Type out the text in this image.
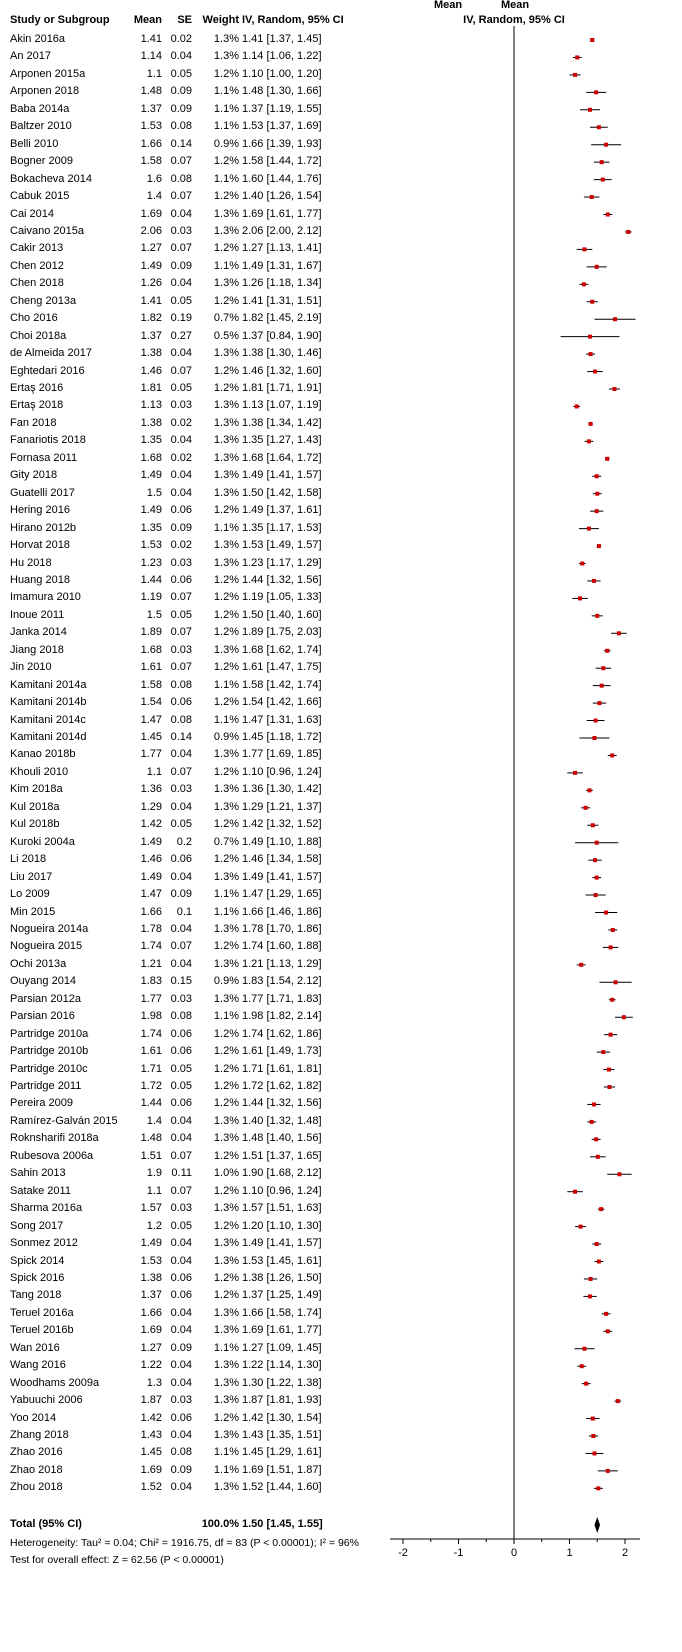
Mean	Mean
Study or Subgroup	Mean	SE Weight IV, Random, 95% CI	IV, Random, 95% CI
Akin 2016a	1.41 0.02	1.3% 1.41 [1.37, 1.45]
An 2017	1.14 0.04	1.3% 1.14 [1.06, 1.22]
Arponen 2015a	1.1 0.05	1.2% 1.10 [1.00, 1.20]
Arponen 2018	1.48 0.09	1.1% 1.48 [1.30, 1.66]
Baba 2014a	1.37 0.09	1.1% 1.37 [1.19, 1.55]
Baltzer 2010	1.53 0.08	1.1% 1.53 [1.37, 1.69]
Belli 2010	1.66 0.14	0.9% 1.66 [1.39, 1.93]
Bogner 2009	1.58 0.07	1.2% 1.58 [1.44, 1.72]
Bokacheva 2014	1.6 0.08	1.1% 1.60 [1.44, 1.76]
Cabuk 2015	1.4 0.07	1.2% 1.40 [1.26, 1.54]
Cai 2014	1.69 0.04	1.3% 1.69 [1.61, 1.77]
Caivano 2015a	2.06 0.03	1.3% 2.06 [2.00, 2.12]
Cakir 2013	1.27 0.07	1.2% 1.27 [1.13, 1.41]
Chen 2012	1.49 0.09	1.1% 1.49 [1.31, 1.67]
Chen 2018	1.26 0.04	1.3% 1.26 [1.18, 1.34]
Cheng 2013a	1.41 0.05	1.2% 1.41 [1.31, 1.51]
Cho 2016	1.82 0.19	0.7% 1.82 [1.45, 2.19]
Choi 2018a	1.37 0.27	0.5% 1.37 [0.84, 1.90]
de Almeida 2017	1.38 0.04	1.3% 1.38 [1.30, 1.46]
Eghtedari 2016	1.46 0.07	1.2% 1.46 [1.32, 1.60]
Ertaş 2016	1.81 0.05	1.2% 1.81 [1.71, 1.91]
Ertaş 2018	1.13 0.03	1.3% 1.13 [1.07, 1.19]
Fan 2018	1.38 0.02	1.3% 1.38 [1.34, 1.42]
Fanariotis 2018	1.35 0.04	1.3% 1.35 [1.27, 1.43]
Fornasa 2011	1.68 0.02	1.3% 1.68 [1.64, 1.72]
Gity 2018	1.49 0.04	1.3% 1.49 [1.41, 1.57]
Guatelli 2017	1.5 0.04	1.3% 1.50 [1.42, 1.58]
Hering 2016	1.49 0.06	1.2% 1.49 [1.37, 1.61]
Hirano 2012b	1.35 0.09	1.1% 1.35 [1.17, 1.53]
Horvat 2018	1.53 0.02	1.3% 1.53 [1.49, 1.57]
Hu 2018	1.23 0.03	1.3% 1.23 [1.17, 1.29]
Huang 2018	1.44 0.06	1.2% 1.44 [1.32, 1.56]
Imamura 2010	1.19 0.07	1.2% 1.19 [1.05, 1.33]
Inoue 2011	1.5 0.05	1.2% 1.50 [1.40, 1.60]
Janka 2014	1.89 0.07	1.2% 1.89 [1.75, 2.03]
Jiang 2018	1.68 0.03	1.3% 1.68 [1.62, 1.74]
Jin 2010	1.61 0.07	1.2% 1.61 [1.47, 1.75]
Kamitani 2014a	1.58 0.08	1.1% 1.58 [1.42, 1.74]
Kamitani 2014b	1.54 0.06	1.2% 1.54 [1.42, 1.66]
Kamitani 2014c	1.47 0.08	1.1% 1.47 [1.31, 1.63]
Kamitani 2014d	1.45 0.14	0.9% 1.45 [1.18, 1.72]
Kanao 2018b	1.77 0.04	1.3% 1.77 [1.69, 1.85]
Khouli 2010	1.1 0.07	1.2% 1.10 [0.96, 1.24]
Kim 2018a	1.36 0.03	1.3% 1.36 [1.30, 1.42]
Kul 2018a	1.29 0.04	1.3% 1.29 [1.21, 1.37]
Kul 2018b	1.42 0.05	1.2% 1.42 [1.32, 1.52]
Kuroki 2004a	1.49	0.2	0.7% 1.49 [1.10, 1.88]
Li 2018	1.46 0.06	1.2% 1.46 [1.34, 1.58]
Liu 2017	1.49 0.04	1.3% 1.49 [1.41, 1.57]
Lo 2009	1.47 0.09	1.1% 1.47 [1.29, 1.65]
Min 2015	1.66	0.1	1.1% 1.66 [1.46, 1.86]
Nogueira 2014a	1.78 0.04	1.3% 1.78 [1.70, 1.86]
Nogueira 2015	1.74 0.07	1.2% 1.74 [1.60, 1.88]
Ochi 2013a	1.21 0.04	1.3% 1.21 [1.13, 1.29]
Ouyang 2014	1.83 0.15	0.9% 1.83 [1.54, 2.12]
Parsian 2012a	1.77 0.03	1.3% 1.77 [1.71, 1.83]
Parsian 2016	1.98 0.08	1.1% 1.98 [1.82, 2.14]
Partridge 2010a	1.74 0.06	1.2% 1.74 [1.62, 1.86]
Partridge 2010b	1.61 0.06	1.2% 1.61 [1.49, 1.73]
Partridge 2010c	1.71 0.05	1.2% 1.71 [1.61, 1.81]
Partridge 2011	1.72 0.05	1.2% 1.72 [1.62, 1.82]
Pereira 2009	1.44 0.06	1.2% 1.44 [1.32, 1.56]
Ramírez-Galván 2015	1.4 0.04	1.3% 1.40 [1.32, 1.48]
Roknsharifi 2018a	1.48 0.04	1.3% 1.48 [1.40, 1.56]
Rubesova 2006a	1.51 0.07	1.2% 1.51 [1.37, 1.65]
Sahin 2013	1.9 0.11	1.0% 1.90 [1.68, 2.12]
Satake 2011	1.1 0.07	1.2% 1.10 [0.96, 1.24]
Sharma 2016a	1.57 0.03	1.3% 1.57 [1.51, 1.63]
Song 2017	1.2 0.05	1.2% 1.20 [1.10, 1.30]
Sonmez 2012	1.49 0.04	1.3% 1.49 [1.41, 1.57]
Spick 2014	1.53 0.04	1.3% 1.53 [1.45, 1.61]
Spick 2016	1.38 0.06	1.2% 1.38 [1.26, 1.50]
Tang 2018	1.37 0.06	1.2% 1.37 [1.25, 1.49]
Teruel 2016a	1.66 0.04	1.3% 1.66 [1.58, 1.74]
Teruel 2016b	1.69 0.04	1.3% 1.69 [1.61, 1.77]
Wan 2016	1.27 0.09	1.1% 1.27 [1.09, 1.45]
Wang 2016	1.22 0.04	1.3% 1.22 [1.14, 1.30]
Woodhams 2009a	1.3 0.04	1.3% 1.30 [1.22, 1.38]
Yabuuchi 2006	1.87 0.03	1.3% 1.87 [1.81, 1.93]
Yoo 2014	1.42 0.06	1.2% 1.42 [1.30, 1.54]
Zhang 2018	1.43 0.04	1.3% 1.43 [1.35, 1.51]
Zhao 2016	1.45 0.08	1.1% 1.45 [1.29, 1.61]
Zhao 2018	1.69 0.09	1.1% 1.69 [1.51, 1.87]
Zhou 2018	1.52 0.04	1.3% 1.52 [1.44, 1.60]
Total (95% CI)	100.0% 1.50 [1.45, 1.55]
Heterogeneity: Tau² = 0.04; Chi² = 1916.75, df = 83 (P < 0.00001); I² = 96%
Test for overall effect: Z = 62.56 (P < 0.00001)
-2	-1	0	1	2
